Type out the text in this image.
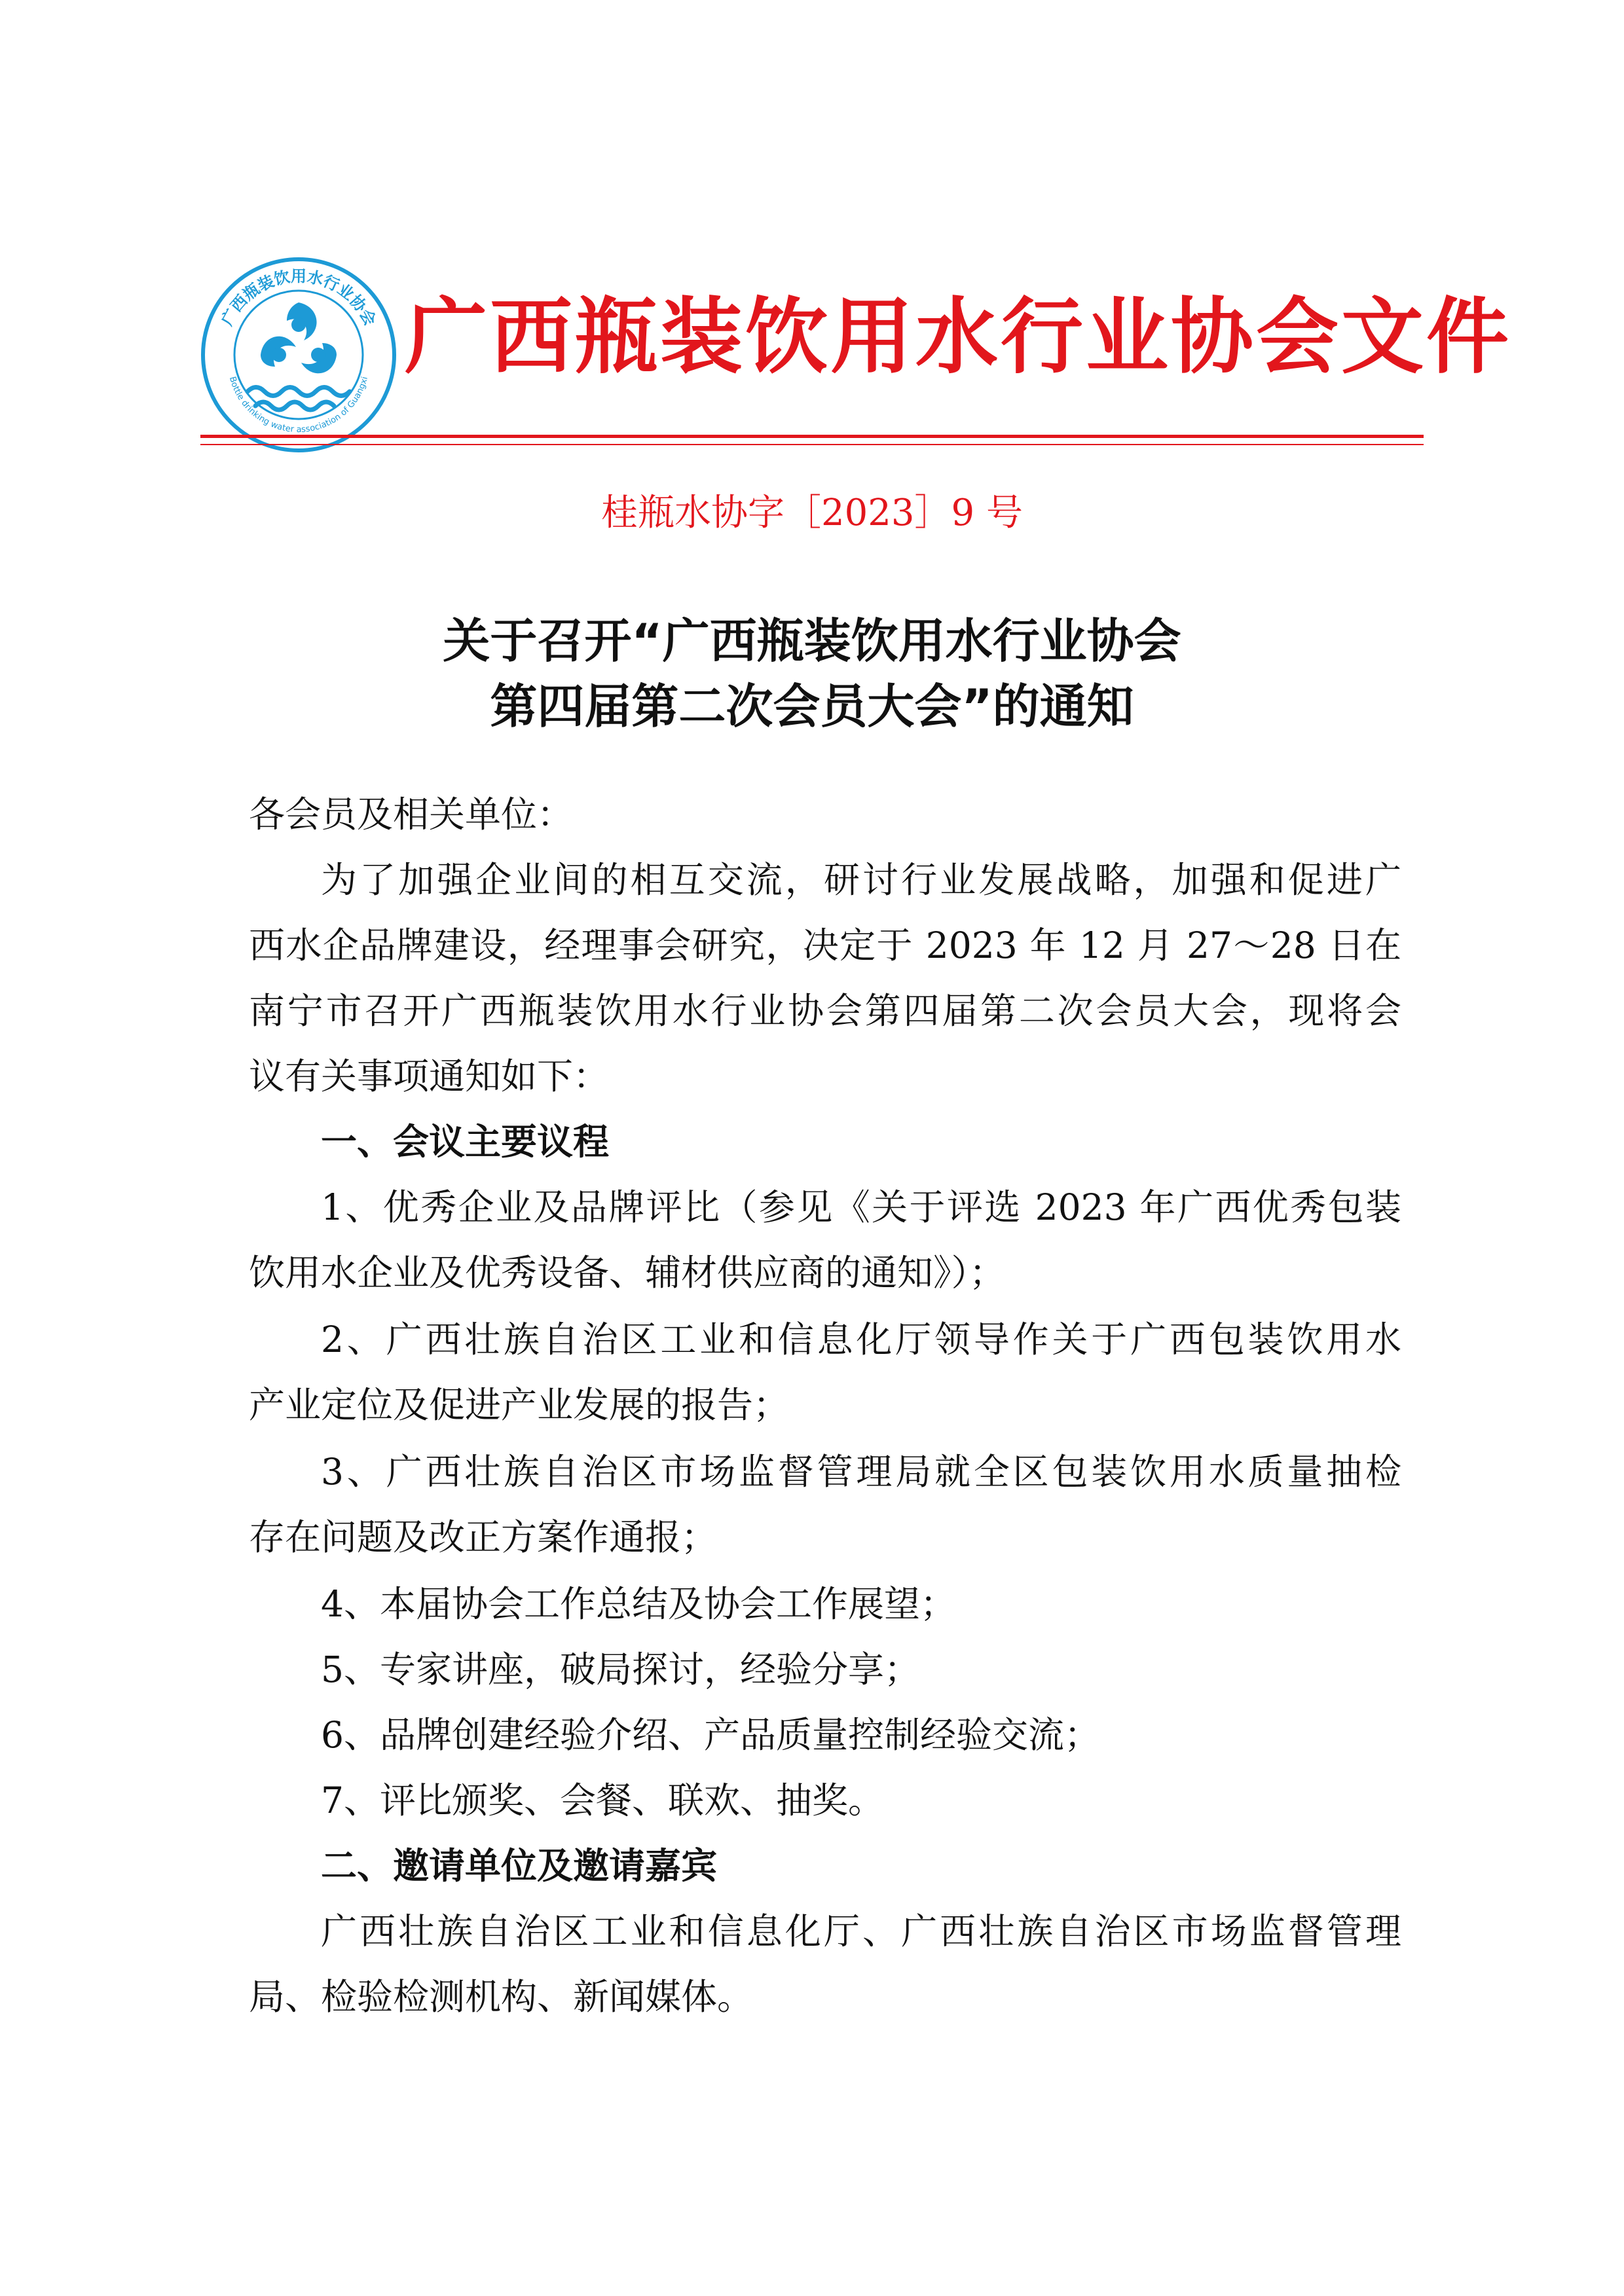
广西瓶装饮用水行业协会
Bottle drinking water association of Guangxi 广西瓶装饮用水行业协会文件
桂瓶水协字［2023］9 号
关于召开“广西瓶装饮用水行业协会
第四届第二次会员大会”的通知
各会员及相关单位：
为了加强企业间的相互交流，研讨行业发展战略，加强和促进广
西水企品牌建设，经理事会研究，决定于 2023 年 12 月 27～28 日在
南宁市召开广西瓶装饮用水行业协会第四届第二次会员大会，现将会
议有关事项通知如下：
一、会议主要议程
1、优秀企业及品牌评比（参见《关于评选 2023 年广西优秀包装
饮用水企业及优秀设备、辅材供应商的通知》）；
2、广西壮族自治区工业和信息化厅领导作关于广西包装饮用水
产业定位及促进产业发展的报告；
3、广西壮族自治区市场监督管理局就全区包装饮用水质量抽检
存在问题及改正方案作通报；
4、本届协会工作总结及协会工作展望；
5、专家讲座，破局探讨，经验分享；
6、品牌创建经验介绍、产品质量控制经验交流；
7、评比颁奖、会餐、联欢、抽奖。
二、邀请单位及邀请嘉宾
广西壮族自治区工业和信息化厅、广西壮族自治区市场监督管理
局、检验检测机构、新闻媒体。
